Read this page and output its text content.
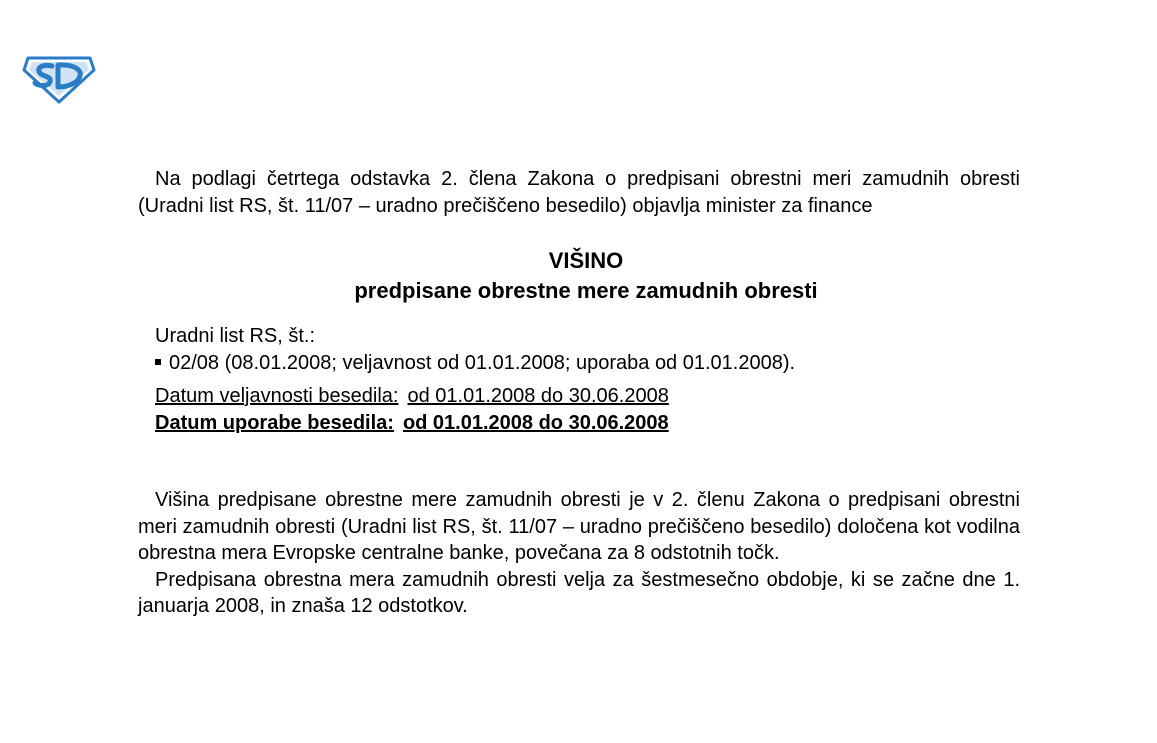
Na podlagi četrtega odstavka 2. člena Zakona o predpisani obrestni meri zamudnih obresti (Uradni list RS, št. 11/07 – uradno prečiščeno besedilo) objavlja minister za finance

VIŠINO
predpisane obrestne mere zamudnih obresti

Uradni list RS, št.:

02/08 (08.01.2008; veljavnost od 01.01.2008; uporaba od 01.01.2008).

Datum veljavnosti besedila: od 01.01.2008 do 30.06.2008

Datum uporabe besedila: od 01.01.2008 do 30.06.2008

Višina predpisane obrestne mere zamudnih obresti je v 2. členu Zakona o predpisani obrestni meri zamudnih obresti (Uradni list RS, št. 11/07 – uradno prečiščeno besedilo) določena kot vodilna obrestna mera Evropske centralne banke, povečana za 8 odstotnih točk.

Predpisana obrestna mera zamudnih obresti velja za šestmesečno obdobje, ki se začne dne 1. januarja 2008, in znaša 12 odstotkov.
